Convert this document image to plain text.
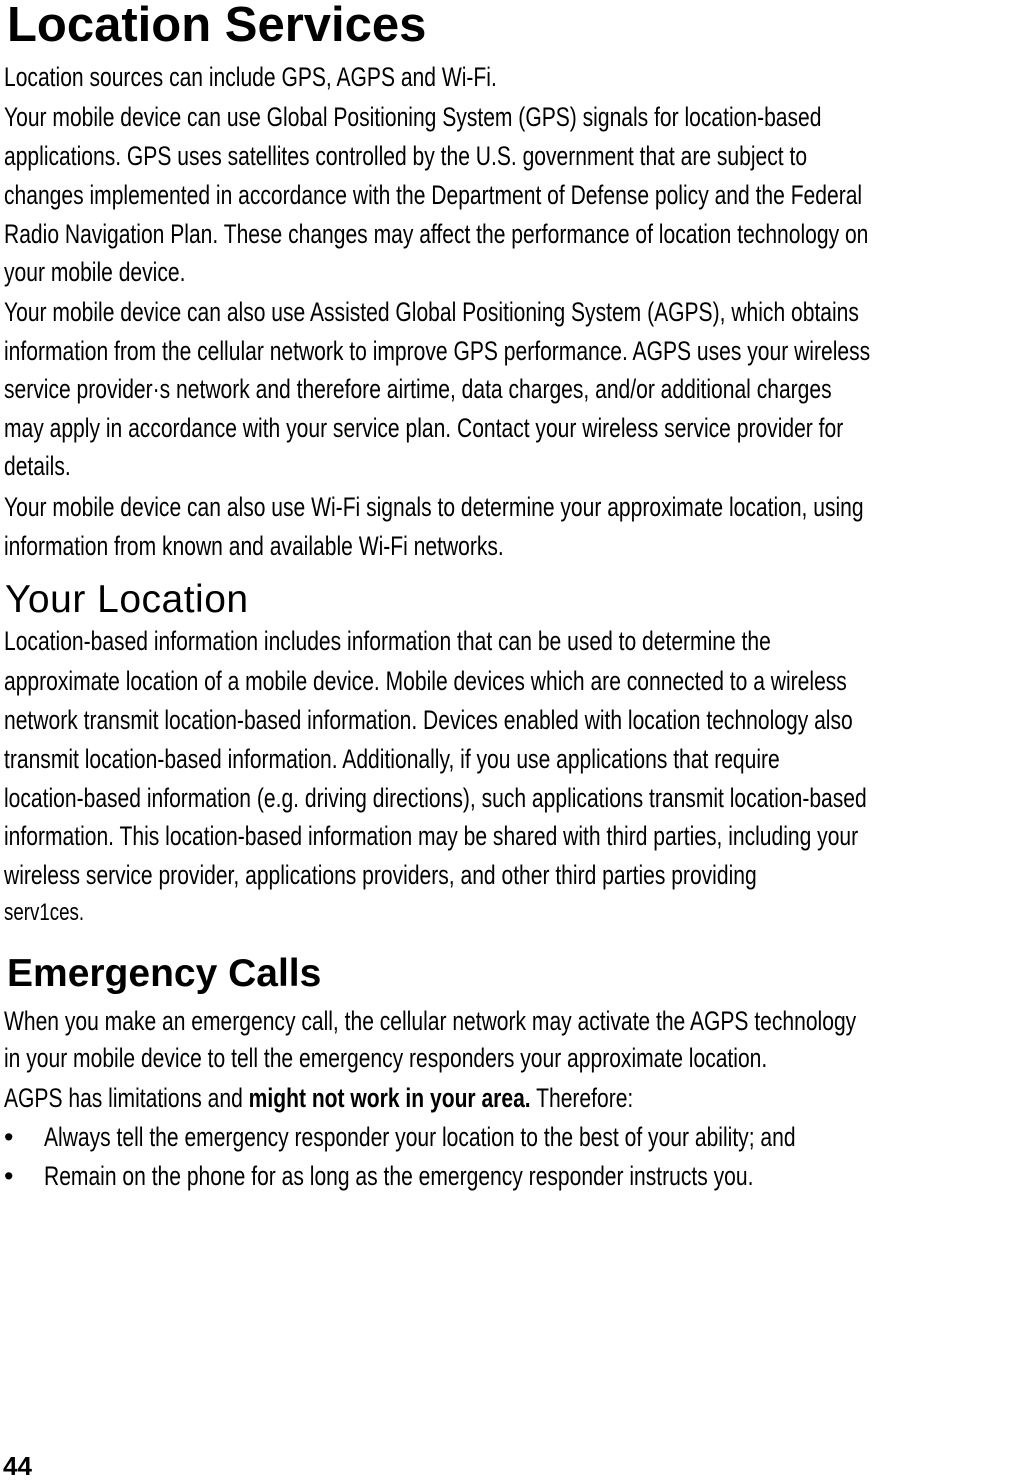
Location Services

Location sources can include GPS, AGPS and Wi-Fi.

Your mobile device can use Global Positioning System (GPS) signals for location-based

applications. GPS uses satellites controlled by the U.S. government that are subject to

changes implemented in accordance with the Department of Defense policy and the Federal

Radio Navigation Plan. These changes may affect the performance of location technology on

your mobile device.

Your mobile device can also use Assisted Global Positioning System (AGPS), which obtains

information from the cellular network to improve GPS performance. AGPS uses your wireless

service provider·s network and therefore airtime, data charges, and/or additional charges

may apply in accordance with your service plan. Contact your wireless service provider for

details.

Your mobile device can also use Wi-Fi signals to determine your approximate location, using

information from known and available Wi-Fi networks.

Your Location

Location-based information includes information that can be used to determine the

approximate location of a mobile device. Mobile devices which are connected to a wireless

network transmit location-based information. Devices enabled with location technology also

transmit location-based information. Additionally, if you use applications that require

location-based information (e.g. driving directions), such applications transmit location-based

information. This location-based information may be shared with third parties, including your

wireless service provider, applications providers, and other third parties providing

serv1ces.

Emergency Calls

When you make an emergency call, the cellular network may activate the AGPS technology

in your mobile device to tell the emergency responders your approximate location.

AGPS has limitations and might not work in your area. Therefore:

• Always tell the emergency responder your location to the best of your ability; and

• Remain on the phone for as long as the emergency responder instructs you.

44
